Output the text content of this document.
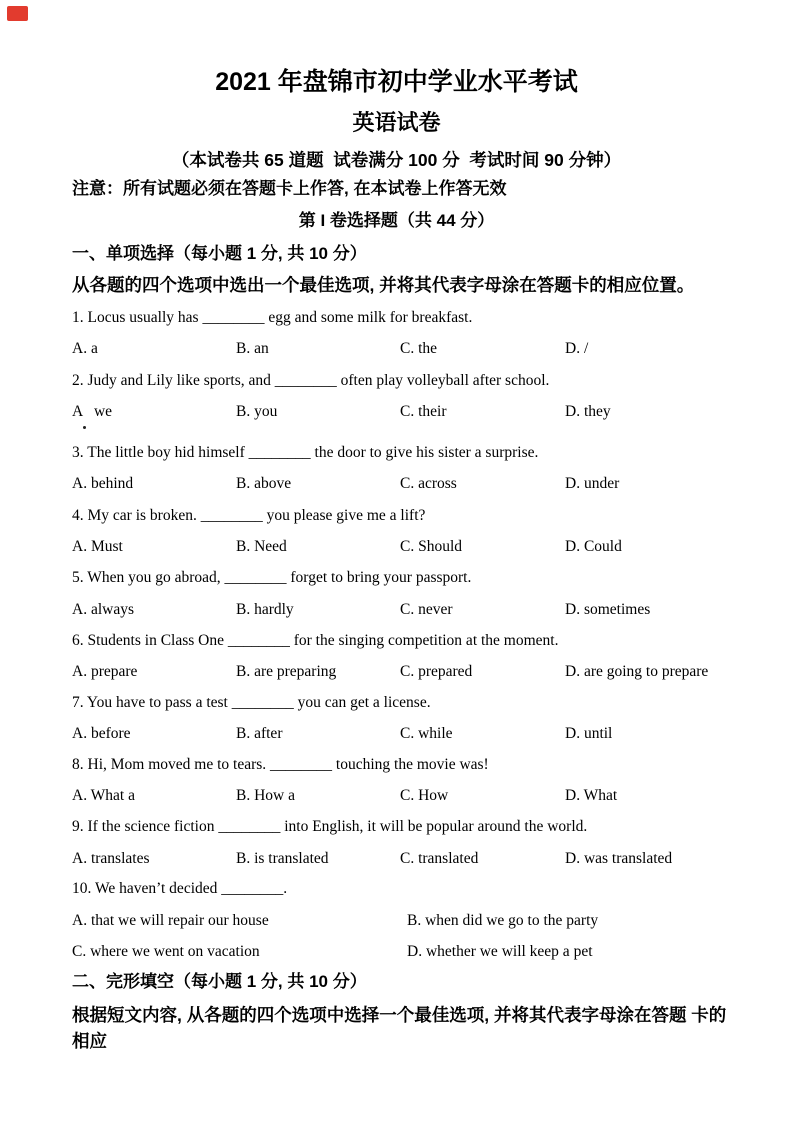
2021 年盘锦市初中学业水平考试
英语试卷
（本试卷共 65 道题  试卷满分 100 分  考试时间 90 分钟）
注意：所有试题必须在答题卡上作答, 在本试卷上作答无效
第 I 卷选择题（共 44 分）
一、单项选择（每小题 1 分, 共 10 分）
从各题的四个选项中选出一个最佳选项, 并将其代表字母涂在答题卡的相应位置。
1. Locus usually has ________ egg and some milk for breakfast.
A. a	B. an	C. the	D. /
2. Judy and Lily like sports, and ________ often play volleyball after school.
A   we	B. you	C. their	D. they
3. The little boy hid himself ________ the door to give his sister a surprise.
A. behind	B. above	C. across	D. under
4. My car is broken. ________ you please give me a lift?
A. Must	B. Need	C. Should	D. Could
5. When you go abroad, ________ forget to bring your passport.
A. always	B. hardly	C. never	D. sometimes
6. Students in Class One ________ for the singing competition at the moment.
A. prepare	B. are preparing	C. prepared	D. are going to prepare
7. You have to pass a test ________ you can get a license.
A. before	B. after	C. while	D. until
8. Hi, Mom moved me to tears. ________ touching the movie was!
A. What a	B. How a	C. How	D. What
9. If the science fiction ________ into English, it will be popular around the world.
A. translates	B. is translated	C. translated	D. was translated
10. We haven’t decided ________.
A. that we will repair our house	B. when did we go to the party
C. where we went on vacation	D. whether we will keep a pet
二、完形填空（每小题 1 分, 共 10 分）
根据短文内容, 从各题的四个选项中选择一个最佳选项, 并将其代表字母涂在答题 卡的相应
